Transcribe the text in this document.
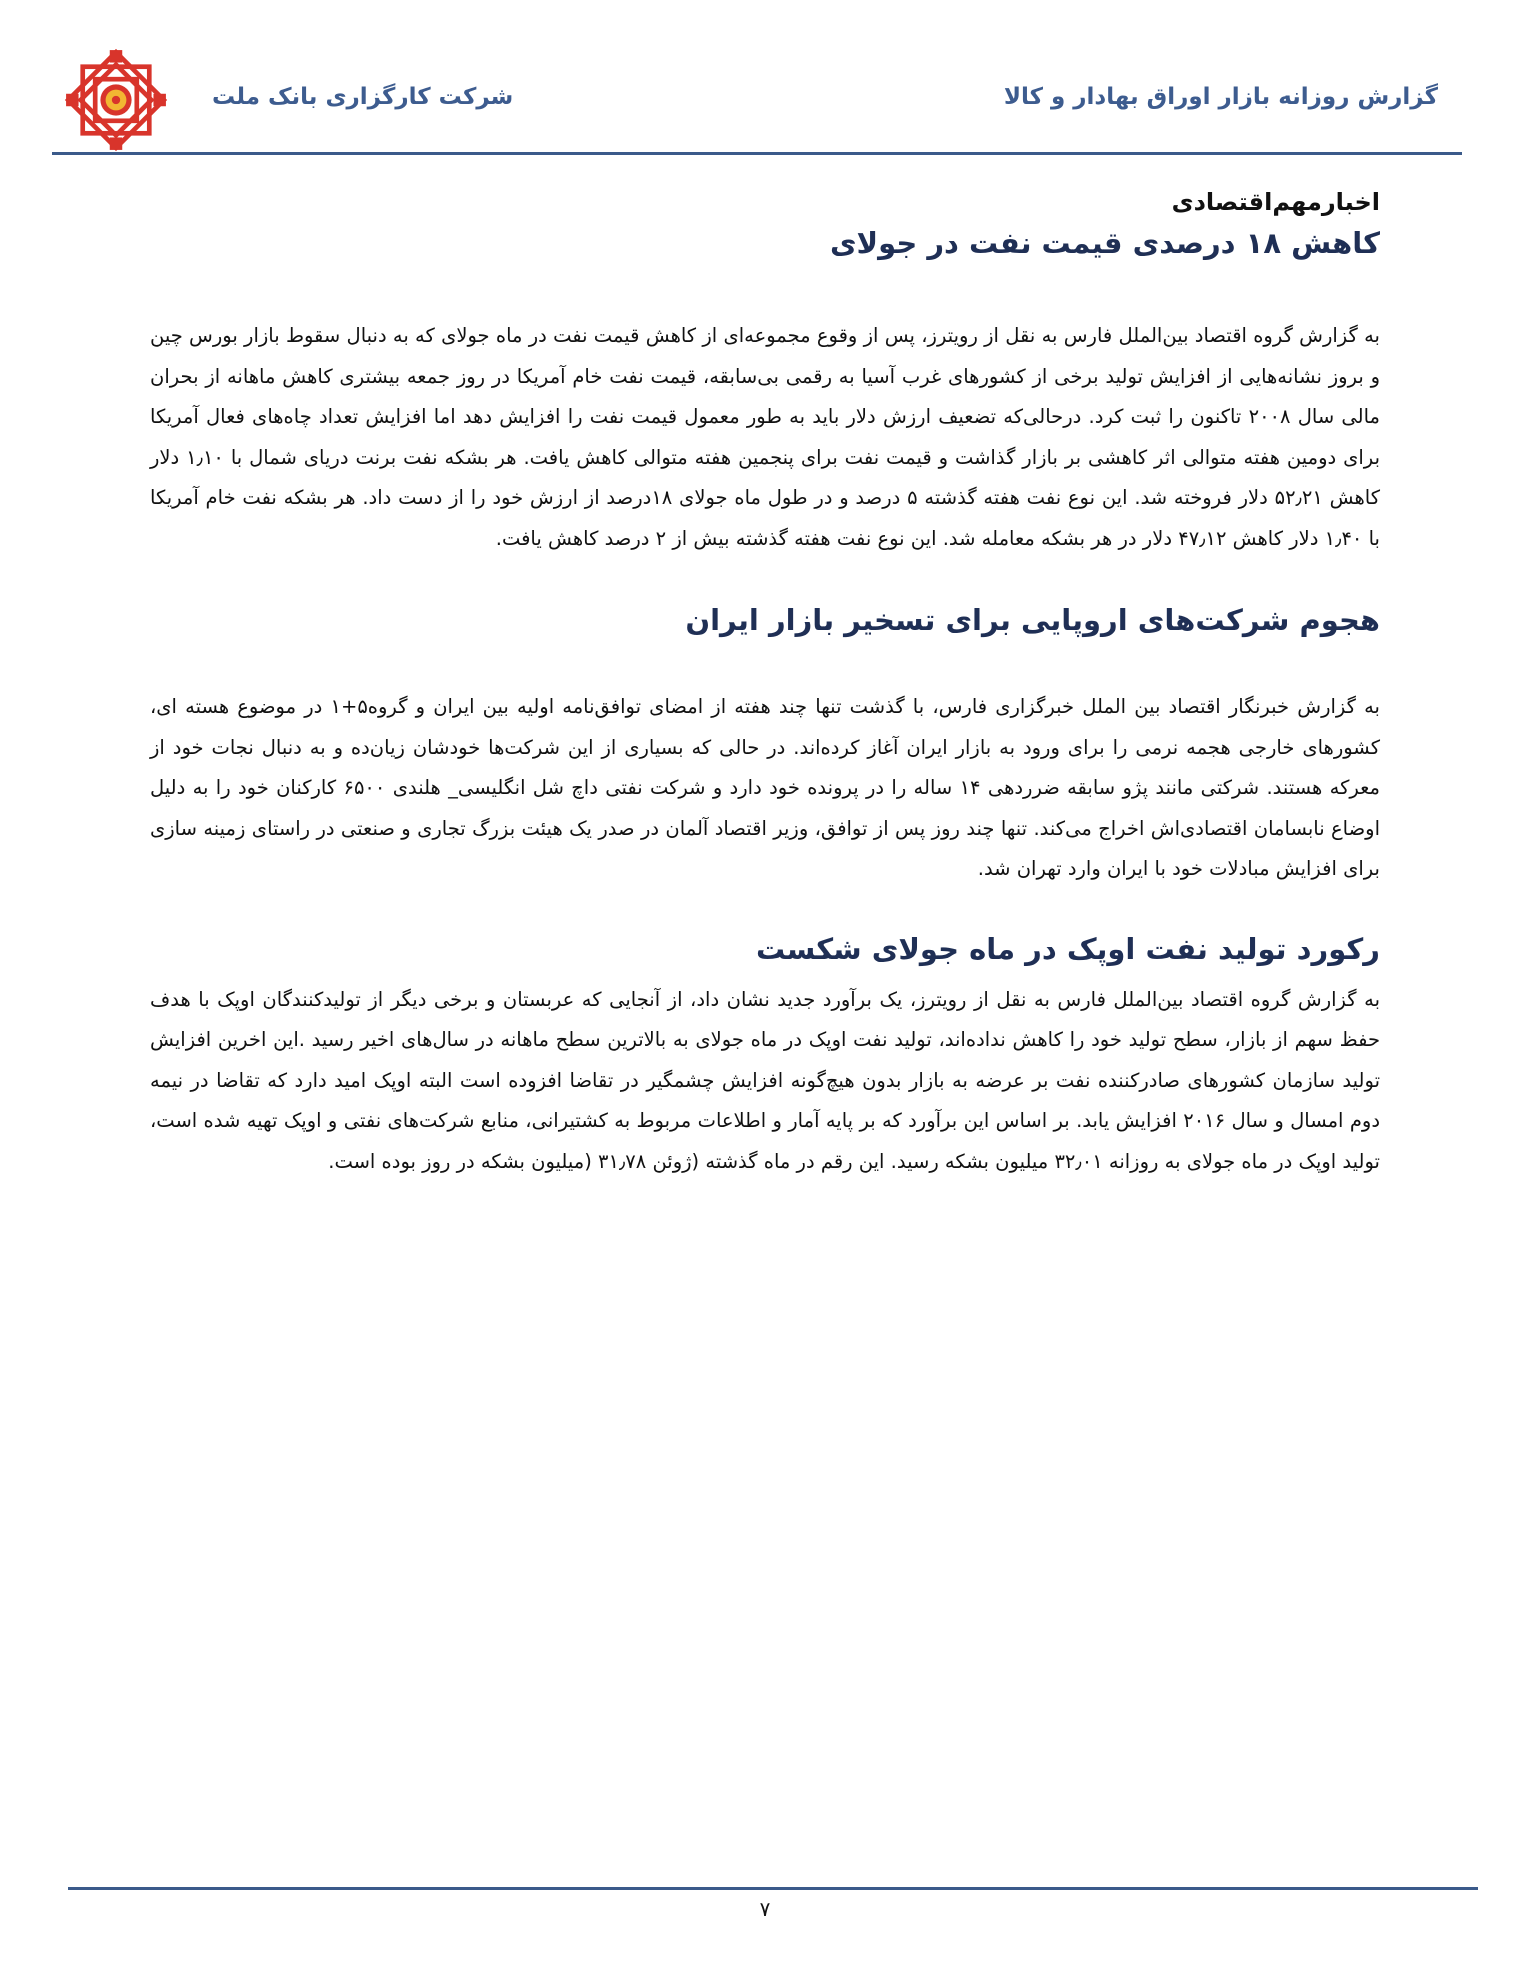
گزارش روزانه بازار اوراق بهادار و کالا
شرکت کارگزاری بانک ملت
اخبارمهم‌اقتصادی
کاهش ۱۸ درصدی قیمت نفت در جولای

به گزارش گروه اقتصاد بین‌الملل فارس به نقل از رویترز، پس از وقوع مجموعه‌ای از کاهش قیمت نفت در ماه جولای که به دنبال سقوط بازار بورس چین و بروز نشانه‌هایی از افزایش تولید برخی از کشورهای غرب آسیا به رقمی بی‌سابقه، قیمت نفت خام آمریکا در روز جمعه بیشتری کاهش ماهانه از بحران مالی سال ۲۰۰۸ تاکنون را ثبت کرد. درحالی‌که تضعیف ارزش دلار باید به طور معمول قیمت نفت را افزایش دهد اما افزایش تعداد چاه‌های فعال آمریکا برای دومین هفته متوالی اثر کاهشی بر بازار گذاشت و قیمت نفت برای پنجمین هفته متوالی کاهش یافت. هر بشکه نفت برنت دریای شمال با ۱٫۱۰ دلار کاهش ۵۲٫۲۱ دلار فروخته شد. این نوع نفت هفته گذشته ۵ درصد و در طول ماه جولای ۱۸درصد از ارزش خود را از دست داد. هر بشکه نفت خام آمریکا با ۱٫۴۰ دلار کاهش ۴۷٫۱۲ دلار در هر بشکه معامله شد. این نوع نفت هفته گذشته بیش از ۲ درصد کاهش یافت.

هجوم شرکت‌های اروپایی برای تسخیر بازار ایران

به گزارش خبرنگار اقتصاد بین الملل خبرگزاری فارس، با گذشت تنها چند هفته از امضای توافق‌نامه اولیه بین ایران و گروه۵+۱ در موضوع هسته ای، کشورهای خارجی هجمه نرمی را برای ورود به بازار ایران آغاز کرده‌اند. در حالی که بسیاری از این شرکت‌ها خودشان زیان‌ده و به دنبال نجات خود از معرکه هستند. شرکتی مانند پژو سابقه ضرردهی ۱۴ ساله را در پرونده خود دارد و شرکت نفتی داچ شل انگلیسی_ هلندی ۶۵۰۰ کارکنان خود را به دلیل اوضاع نابسامان اقتصادی‌اش اخراج می‌کند. تنها چند روز پس از توافق، وزیر اقتصاد آلمان در صدر یک هیئت بزرگ تجاری و صنعتی در راستای زمینه سازی برای افزایش مبادلات خود با ایران وارد تهران شد.

رکورد تولید نفت اوپک در ماه جولای شکست

به گزارش گروه اقتصاد بین‌الملل فارس به نقل از رویترز، یک برآورد جدید نشان داد، از آنجایی که عربستان و برخی دیگر از تولیدکنندگان اوپک با هدف حفظ سهم از بازار، سطح تولید خود را کاهش نداده‌اند، تولید نفت اوپک در ماه جولای به بالاترین سطح ماهانه در سال‌های اخیر رسید .این اخرین افزایش تولید سازمان کشورهای صادرکننده نفت بر عرضه به بازار بدون هیچ‌گونه افزایش چشمگیر در تقاضا افزوده است البته اوپک امید دارد که تقاضا در نیمه دوم امسال و سال ۲۰۱۶ افزایش یابد. بر اساس این برآورد که بر پایه آمار و اطلاعات مربوط به کشتیرانی، منابع شرکت‌های نفتی و اوپک تهیه شده است، تولید اوپک در ماه جولای به روزانه ۳۲٫۰۱ میلیون بشکه رسید. این رقم در ماه گذشته (ژوئن ۳۱٫۷۸ (میلیون بشکه در روز بوده است.

۷
